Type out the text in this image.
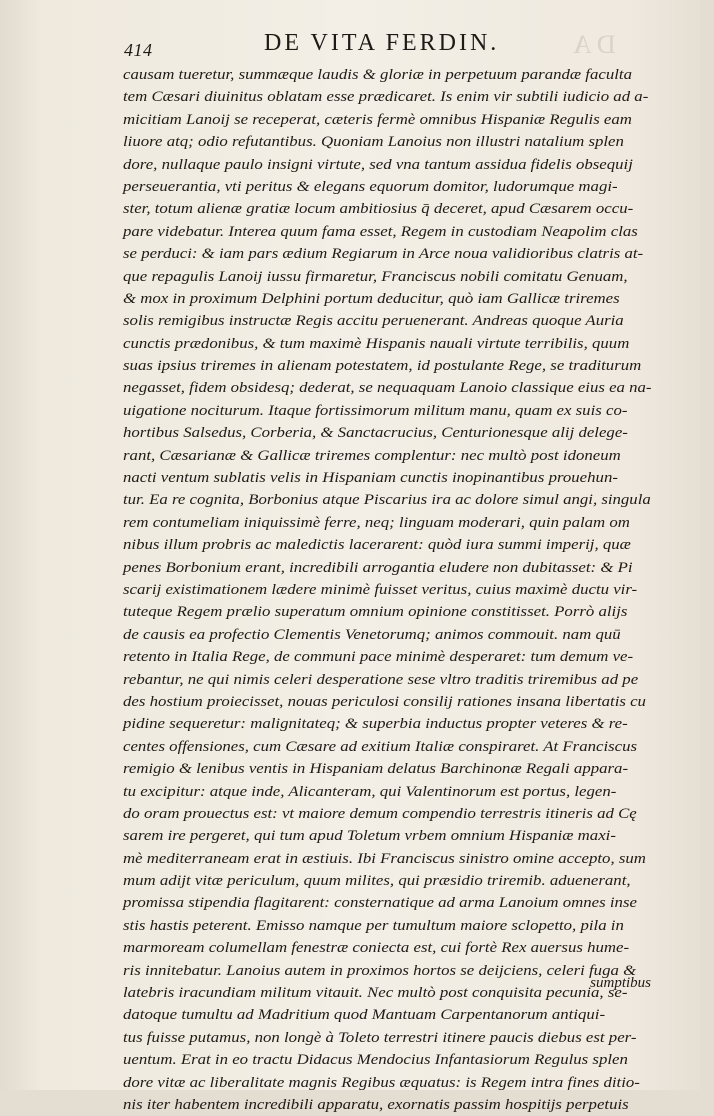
DA
414	DE VITA FERDIN.
causam tueretur, summæque laudis & gloriæ in perpetuum parandæ faculta
tem Cæsari diuinitus oblatam esse prædicaret. Is enim vir subtili iudicio ad a-
micitiam Lanoij se receperat, cæteris fermè omnibus Hispaniæ Regulis eam
liuore atq; odio refutantibus. Quoniam Lanoius non illustri natalium splen
dore, nullaque paulo insigni virtute, sed vna tantum assidua fidelis obsequij
perseuerantia, vti peritus & elegans equorum domitor, ludorumque magi-
ster, totum alienæ gratiæ locum ambitiosius q̄ deceret, apud Cæsarem occu-
pare videbatur. Interea quum fama esset, Regem in custodiam Neapolim clas
se perduci: & iam pars ædium Regiarum in Arce noua validioribus clatris at-
que repagulis Lanoij iussu firmaretur, Franciscus nobili comitatu Genuam,
& mox in proximum Delphini portum deducitur, quò iam Gallicæ triremes
solis remigibus instructæ Regis accitu peruenerant. Andreas quoque Auria
cunctis prædonibus, & tum maximè Hispanis nauali virtute terribilis, quum
suas ipsius triremes in alienam potestatem, id postulante Rege, se traditurum
negasset, fidem obsidesq; dederat, se nequaquam Lanoio classique eius ea na-
uigatione nociturum. Itaque fortissimorum militum manu, quam ex suis co-
hortibus Salsedus, Corberia, & Sanctacrucius, Centurionesque alij delege-
rant, Cæsarianæ & Gallicæ triremes complentur: nec multò post idoneum
nacti ventum sublatis velis in Hispaniam cunctis inopinantibus prouehun-
tur. Ea re cognita, Borbonius atque Piscarius ira ac dolore simul angi, singula
rem contumeliam iniquissimè ferre, neq; linguam moderari, quin palam om
nibus illum probris ac maledictis lacerarent: quòd iura summi imperij, quæ
penes Borbonium erant, incredibili arrogantia eludere non dubitasset: & Pi
scarij existimationem lædere minimè fuisset veritus, cuius maximè ductu vir-
tuteque Regem prælio superatum omnium opinione constitisset. Porrò alijs
de causis ea profectio Clementis Venetorumq; animos commouit. nam quū
retento in Italia Rege, de communi pace minimè desperaret: tum demum ve-
rebantur, ne qui nimis celeri desperatione sese vltro traditis triremibus ad pe
des hostium proiecisset, nouas periculosi consilij rationes insana libertatis cu
pidine sequeretur: malignitateq; & superbia inductus propter veteres & re-
centes offensiones, cum Cæsare ad exitium Italiæ conspiraret. At Franciscus
remigio & lenibus ventis in Hispaniam delatus Barchinonæ Regali appara-
tu excipitur: atque inde, Alicanteram, qui Valentinorum est portus, legen-
do oram prouectus est: vt maiore demum compendio terrestris itineris ad Cę
sarem ire pergeret, qui tum apud Toletum vrbem omnium Hispaniæ maxi-
mè mediterraneam erat in æstiuis. Ibi Franciscus sinistro omine accepto, sum
mum adijt vitæ periculum, quum milites, qui præsidio triremib. aduenerant,
promissa stipendia flagitarent: consternatique ad arma Lanoium omnes inse
stis hastis peterent. Emisso namque per tumultum maiore sclopetto, pila in
marmoream columellam fenestræ coniecta est, cui fortè Rex auersus hume-
ris innitebatur. Lanoius autem in proximos hortos se deijciens, celeri fuga &
latebris iracundiam militum vitauit. Nec multò post conquisita pecunia, se-
datoque tumultu ad Madritium quod Mantuam Carpentanorum antiqui-
tus fuisse putamus, non longè à Toleto terrestri itinere paucis diebus est per-
uentum. Erat in eo tractu Didacus Mendocius Infantasiorum Regulus splen
dore vitæ ac liberalitate magnis Regibus æquatus: is Regem intra fines ditio-
nis iter habentem incredibili apparatu, exornatis passim hospitijs perpetuis
sumptibus
